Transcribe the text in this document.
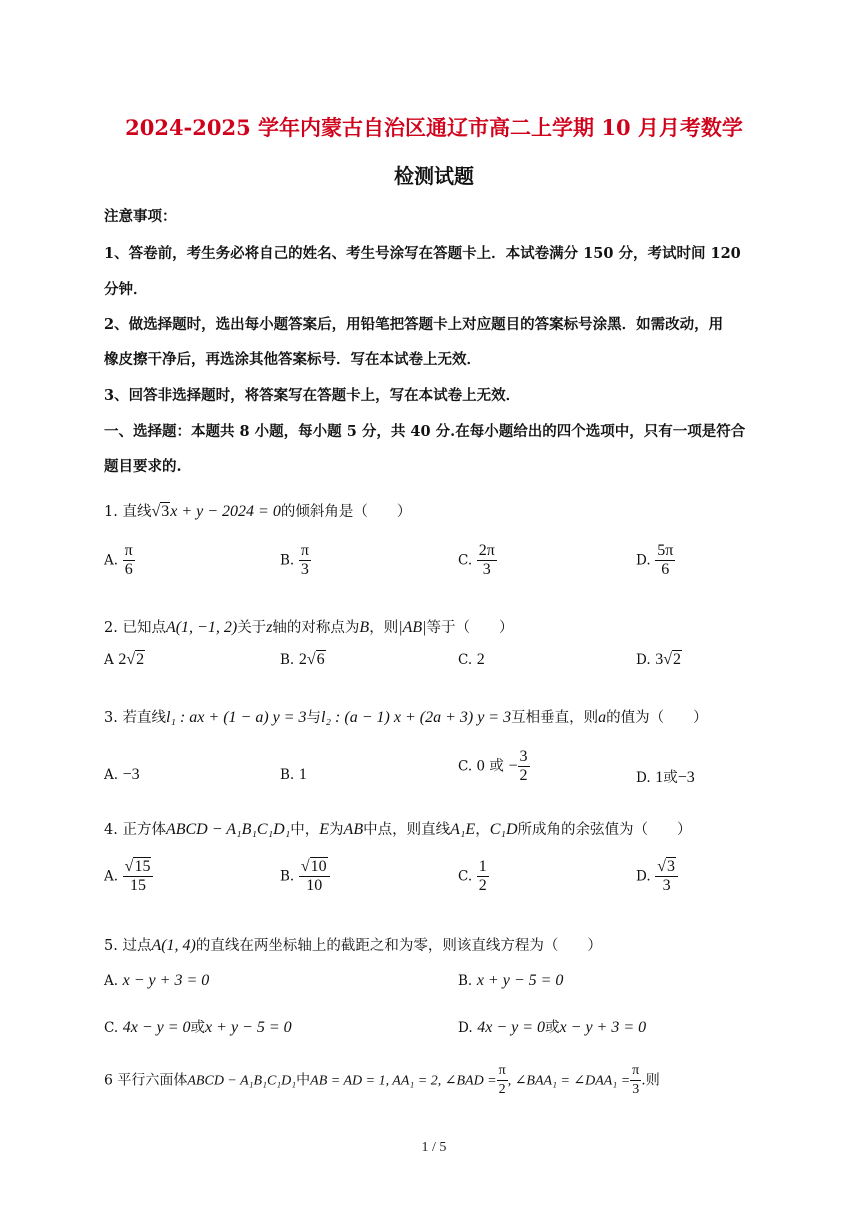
2024-2025 学年内蒙古自治区通辽市高二上学期 10 月月考数学
检测试题
注意事项：
1、答卷前，考生务必将自己的姓名、考生号涂写在答题卡上．本试卷满分 150 分，考试时间 120
分钟．
2、做选择题时，选出每小题答案后，用铅笔把答题卡上对应题目的答案标号涂黑．如需改动，用
橡皮擦干净后，再选涂其他答案标号．写在本试卷上无效．
3、回答非选择题时，将答案写在答题卡上，写在本试卷上无效．
一、选择题：本题共 8 小题，每小题 5 分，共 40 分.在每小题给出的四个选项中，只有一项是符合
题目要求的.
1. 直线√3x + y − 2024 = 0的倾斜角是（　　）
A. $\frac{\pi}{6}$	B. $\frac{\pi}{3}$	C. $\frac{2\pi}{3}$	D. $\frac{5\pi}{6}$
2. 已知点A(1, −1, 2)关于z轴的对称点为B，则|AB|等于（　　）
A 2√2	B. 2√6	C. 2	D. 3√2
3. 若直线l₁ : ax + (1 − a) y = 3与l₂ : (a − 1) x + (2a + 3) y = 3互相垂直，则a的值为（　　）
A. −3	B. 1	C. 0 或 − $\frac{3}{2}$	D. 1或−3
4. 正方体ABCD − A₁B₁C₁D₁中，E为AB中点，则直线A₁E，C₁D所成角的余弦值为（　　）
A. $\frac{√15}{15}$	B. $\frac{√10}{10}$	C. $\frac{1}{2}$	D. $\frac{√3}{3}$
5. 过点A(1, 4)的直线在两坐标轴上的截距之和为零，则该直线方程为（　　）
A. x − y + 3 = 0	B. x + y − 5 = 0
C. 4x − y = 0或x + y − 5 = 0	D. 4x − y = 0或x − y + 3 = 0
6 平行六面体ABCD − A₁B₁C₁D₁中AB = AD = 1, AA₁ = 2, ∠BAD = $\frac{\pi}{2}$ , ∠BAA₁ = ∠DAA₁ = $\frac{\pi}{3}$ .则
1 / 5
